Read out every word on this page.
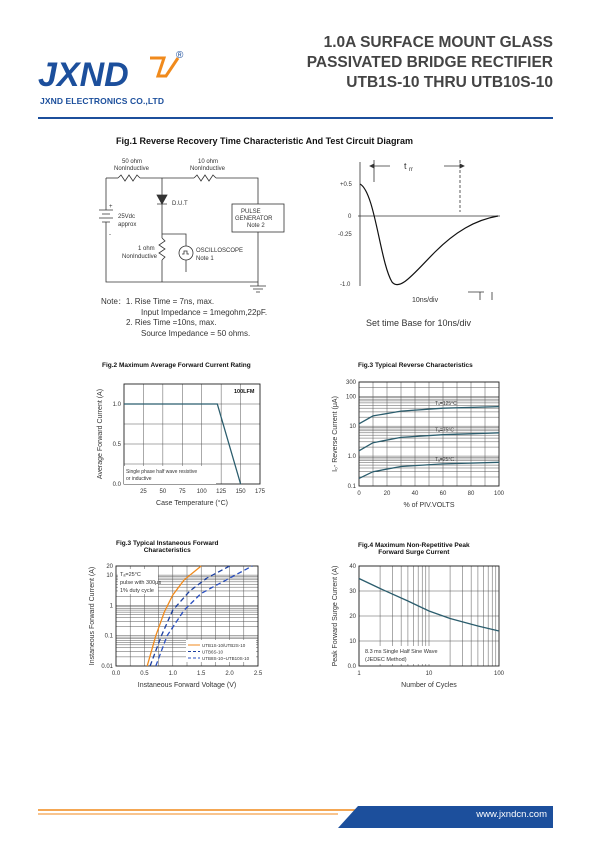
JXND
®
JXND ELECTRONICS CO.,LTD
1.0A SURFACE MOUNT GLASS
PASSIVATED BRIDGE RECTIFIER
UTB1S-10 THRU UTB10S-10
Fig.1 Reverse Recovery Time Characteristic And Test Circuit Diagram
50 ohm
NonInductive
10 ohm
NonInductive
D.U.T
+
-
25Vdc
approx
PULSE
GENERATOR
Note 2
1 ohm
NonInductive
OSCILLOSCOPE
Note 1
Note：1. Rise Time = 7ns, max.
Input Impedance = 1megohm,22pF.
2. Ries Time =10ns, max.
Source Impedance = 50 ohms.
+0.5
0
-0.25
-1.0
10ns/div
t rr
Set time Base for 10ns/div
Fig.2 Maximum Average Forward Current Rating
25 50 75 100 125 150 175
0.0
0.5
1.0
Case Temperature (°C)
Average Forward Current (A)	100LFM
Single phase half wave resistive
or inductive
Fig.3 Typical Reverse Characteristics
0	20	40	60	80	100
300
100
10
1.0
0.1
% of PIV.VOLTS
I₀- Reverse Current (μA)	Tₐ=125°C
Tₐ=75°C
Tₐ=25°C
Fig.3 Typical Instaneous Forward
Characteristics
0.0	0.5	1.0	1.5	2.0	2.5
20
10
1
0.1
0.01
Instaneous Forward Voltage (V)
Instaneous Forward Current (A)	Tₐ=25°C
pulse with 300μs
1% duty cycle
UTB1S-10/UTB2S-10
UTB6S-10
UTB8S-10~UTB10S-10
Fig.4 Maximum Non-Repetitive Peak
Forward Surge Current
1	10	100
40
30
20
10
0.0
Number of Cycles
Peak Forward Surge Current (A)	8.3 ms Single Half Sine Wave
(JEDEC Method)
www.jxndcn.com
